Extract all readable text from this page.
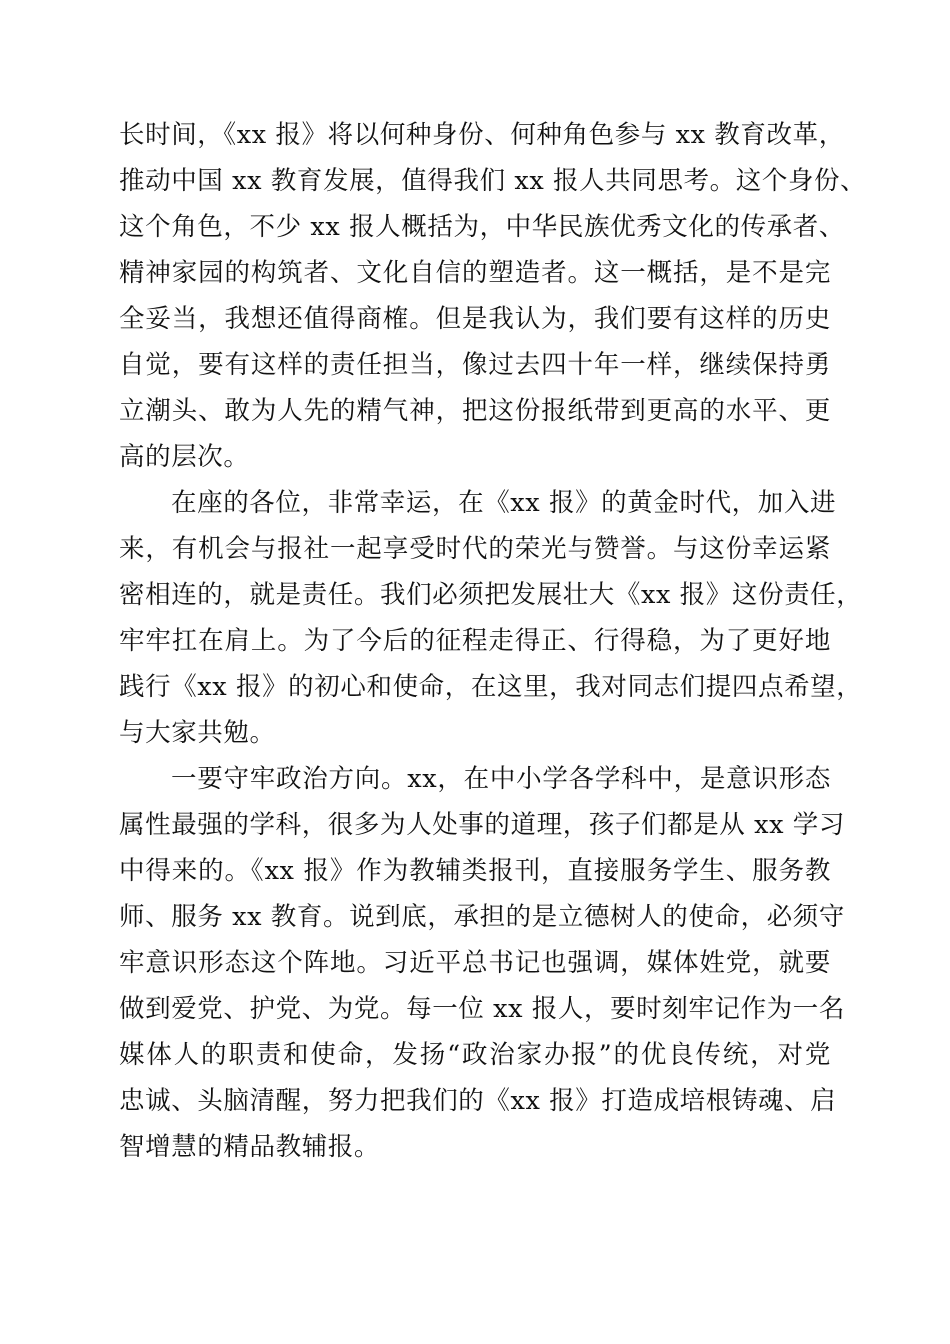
长时间，《xx 报》将以何种身份、何种角色参与 xx 教育改革，
推动中国 xx 教育发展，值得我们 xx 报人共同思考。这个身份、
这个角色，不少 xx 报人概括为，中华民族优秀文化的传承者、
精神家园的构筑者、文化自信的塑造者。这一概括，是不是完
全妥当，我想还值得商榷。但是我认为，我们要有这样的历史
自觉，要有这样的责任担当，像过去四十年一样，继续保持勇
立潮头、敢为人先的精气神，把这份报纸带到更高的水平、更
高的层次。
在座的各位，非常幸运，在《xx 报》的黄金时代，加入进
来，有机会与报社一起享受时代的荣光与赞誉。与这份幸运紧
密相连的，就是责任。我们必须把发展壮大《xx 报》这份责任，
牢牢扛在肩上。为了今后的征程走得正、行得稳，为了更好地
践行《xx 报》的初心和使命，在这里，我对同志们提四点希望，
与大家共勉。
一要守牢政治方向。xx，在中小学各学科中，是意识形态
属性最强的学科，很多为人处事的道理，孩子们都是从 xx 学习
中得来的。《xx 报》作为教辅类报刊，直接服务学生、服务教
师、服务 xx 教育。说到底，承担的是立德树人的使命，必须守
牢意识形态这个阵地。习近平总书记也强调，媒体姓党，就要
做到爱党、护党、为党。每一位 xx 报人，要时刻牢记作为一名
媒体人的职责和使命，发扬“政治家办报”的优良传统，对党
忠诚、头脑清醒，努力把我们的《xx 报》打造成培根铸魂、启
智增慧的精品教辅报。
